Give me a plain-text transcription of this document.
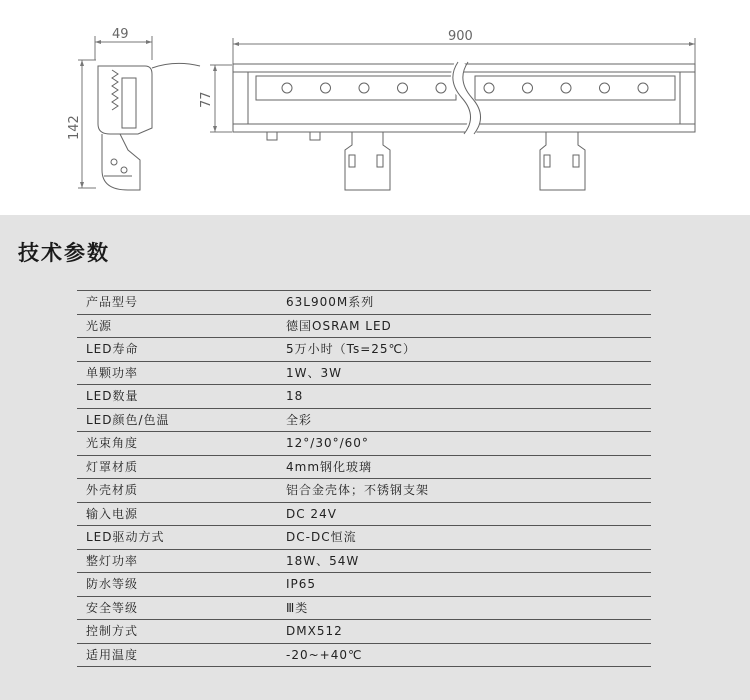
49	900
142
77
技术参数
产品型号	63L900M系列
光源	德国OSRAM LED
LED寿命	5万小时（Ts=25℃）
单颗功率	1W、3W
LED数量	18
LED颜色/色温	全彩
光束角度	12°/30°/60°
灯罩材质	4mm钢化玻璃
外壳材质	铝合金壳体；不锈钢支架
输入电源	DC 24V
LED驱动方式	DC-DC恒流
整灯功率	18W、54W
防水等级	IP65
安全等级	Ⅲ类
控制方式	DMX512
适用温度	-20~+40℃
